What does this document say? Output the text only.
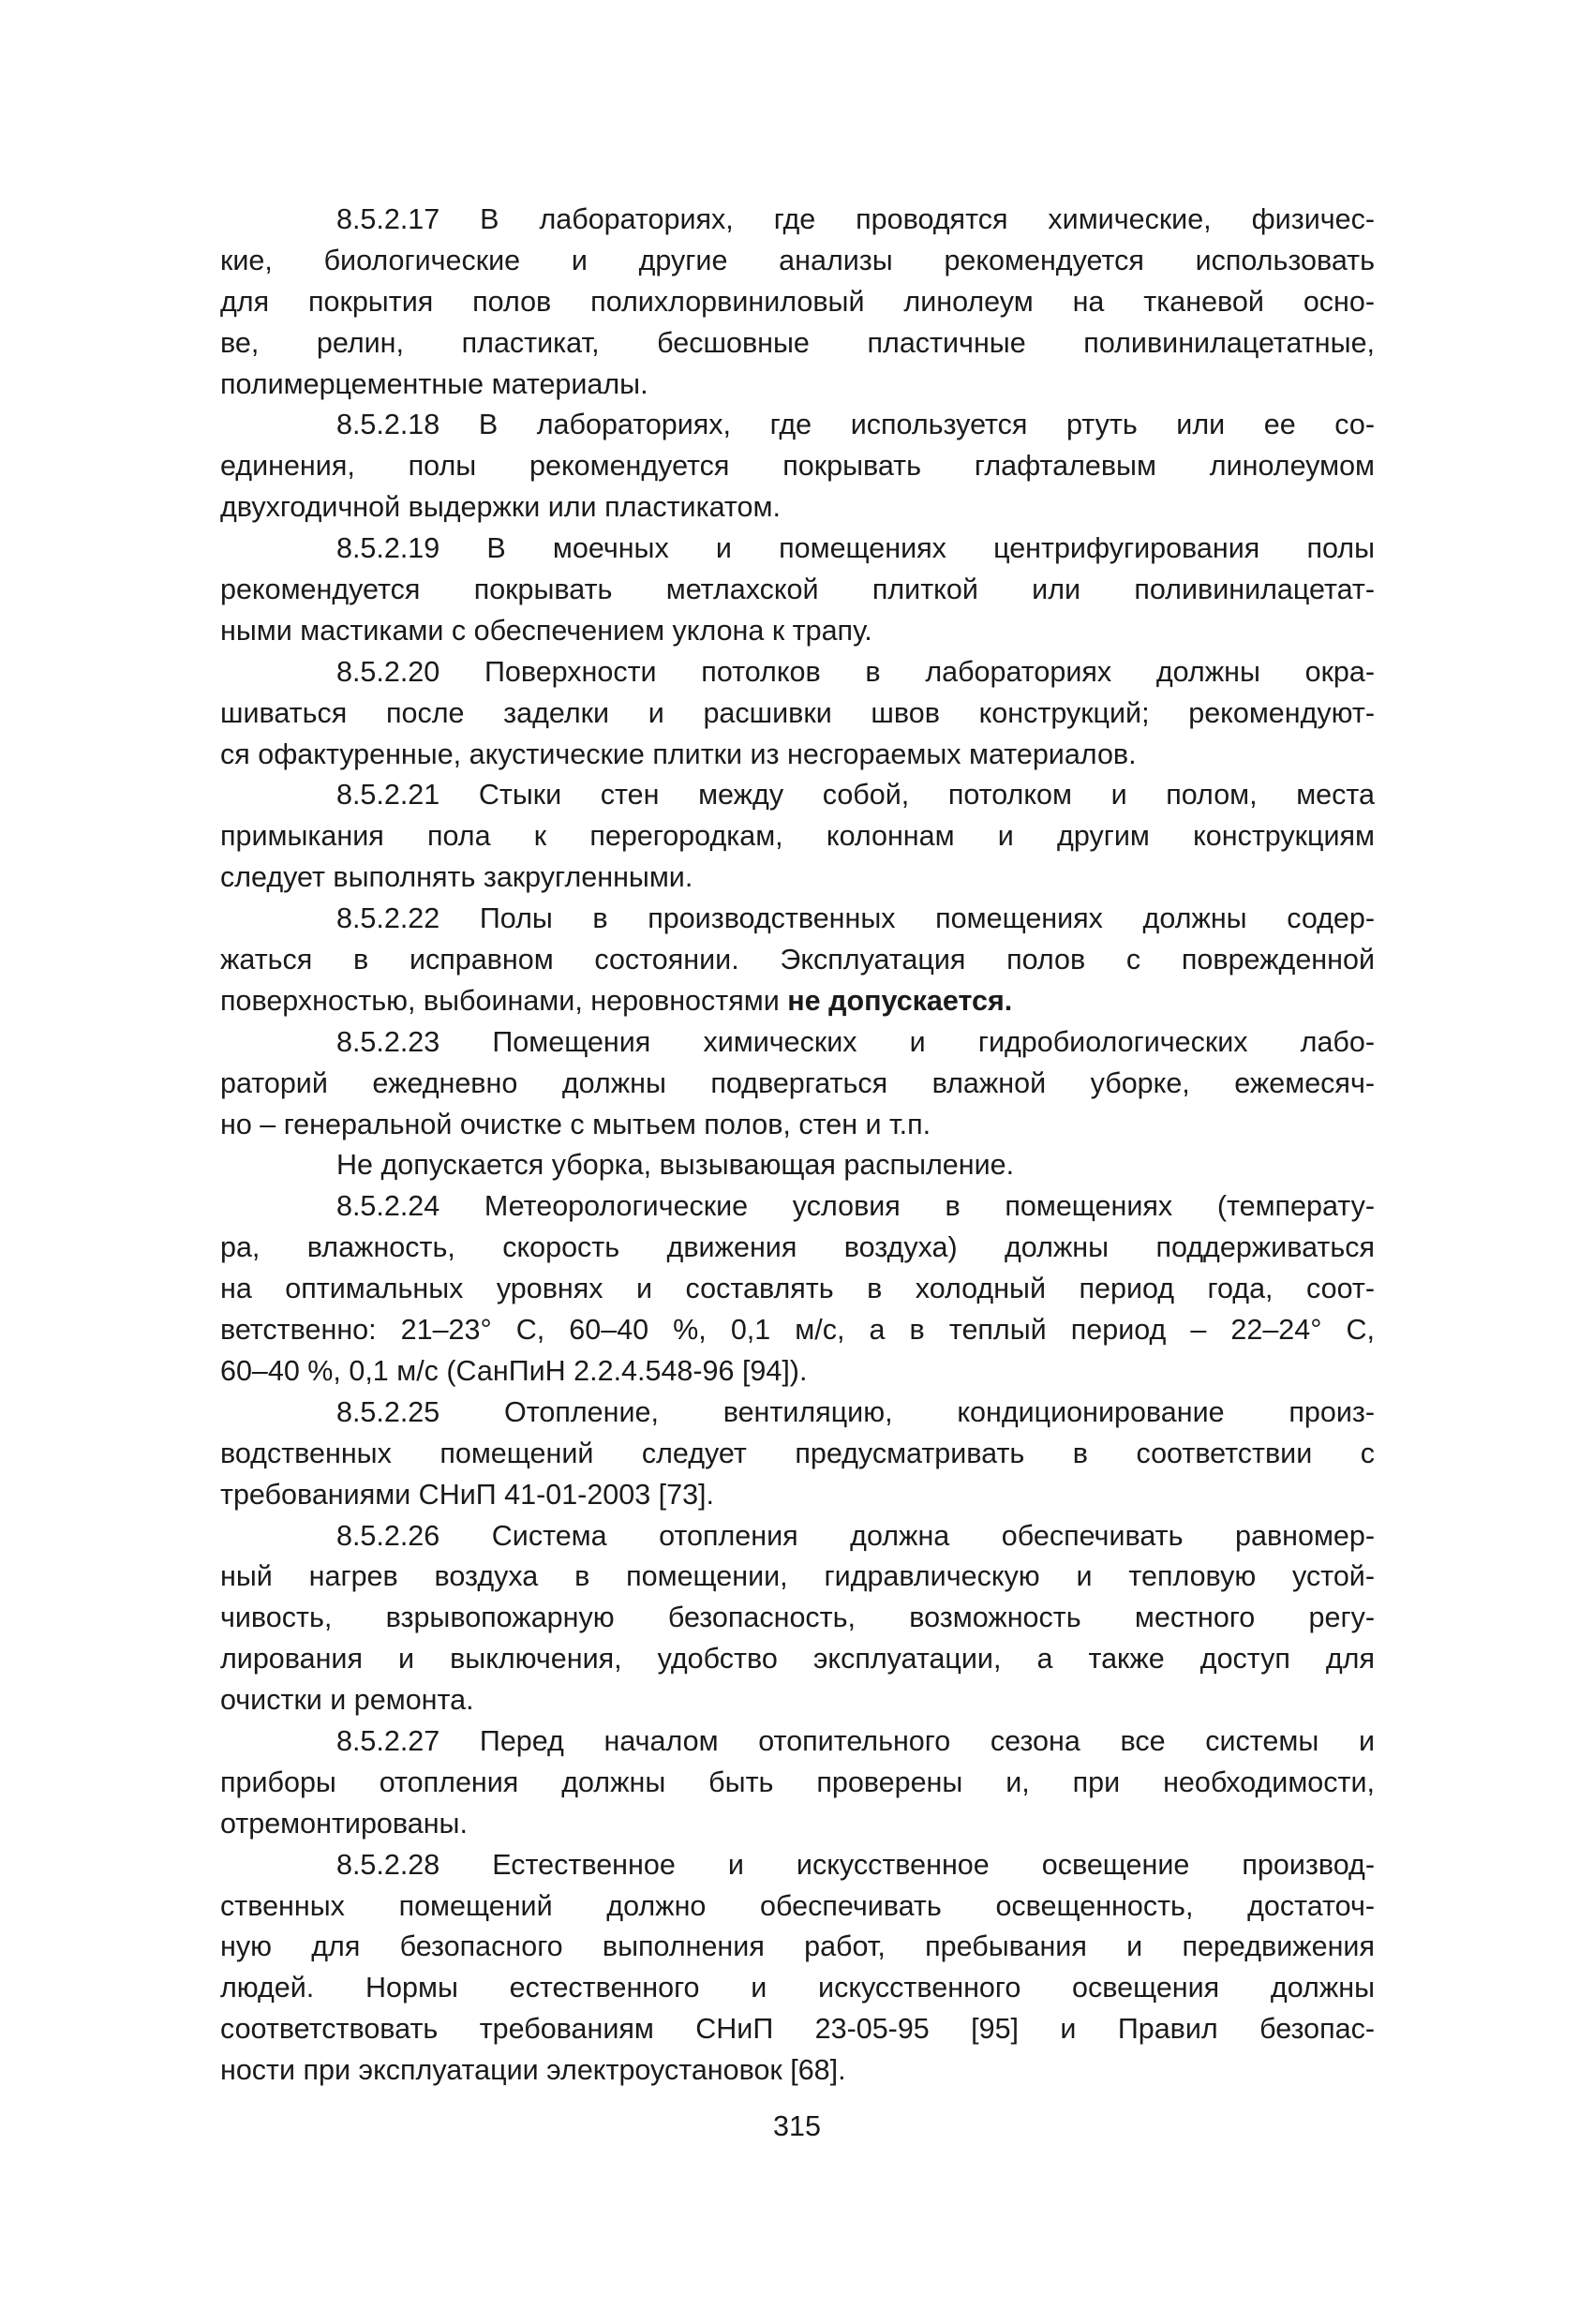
8.5.2.17 В лабораториях, где проводятся химические, физичес-
кие, биологические и другие анализы рекомендуется использовать
для покрытия полов полихлорвиниловый линолеум на тканевой осно-
ве, релин, пластикат, бесшовные пластичные поливинилацетатные,
полимерцементные материалы.
8.5.2.18 В лабораториях, где используется ртуть или ее со-
единения, полы рекомендуется покрывать глафталевым линолеумом
двухгодичной выдержки или пластикатом.
8.5.2.19 В моечных и помещениях центрифугирования полы
рекомендуется покрывать метлахской плиткой или поливинилацетат-
ными мастиками с обеспечением уклона к трапу.
8.5.2.20 Поверхности потолков в лабораториях должны окра-
шиваться после заделки и расшивки швов конструкций; рекомендуют-
ся офактуренные, акустические плитки из несгораемых материалов.
8.5.2.21 Стыки стен между собой, потолком и полом, места
примыкания пола к перегородкам, колоннам и другим конструкциям
следует выполнять закругленными.
8.5.2.22 Полы в производственных помещениях должны содер-
жаться в исправном состоянии. Эксплуатация полов с поврежденной
поверхностью, выбоинами, неровностями не допускается.
8.5.2.23 Помещения химических и гидробиологических лабо-
раторий ежедневно должны подвергаться влажной уборке, ежемесяч-
но – генеральной очистке с мытьем полов, стен и т.п.
Не допускается уборка, вызывающая распыление.
8.5.2.24 Метеорологические условия в помещениях (температу-
ра, влажность, скорость движения воздуха) должны поддерживаться
на оптимальных уровнях и составлять в холодный период года, соот-
ветственно: 21–23° С, 60–40 %, 0,1 м/с, а в теплый период – 22–24° С,
60–40 %, 0,1 м/с (СанПиН 2.2.4.548-96 [94]).
8.5.2.25 Отопление, вентиляцию, кондиционирование произ-
водственных помещений следует предусматривать в соответствии с
требованиями СНиП 41-01-2003 [73].
8.5.2.26 Система отопления должна обеспечивать равномер-
ный нагрев воздуха в помещении, гидравлическую и тепловую устой-
чивость, взрывопожарную безопасность, возможность местного регу-
лирования и выключения, удобство эксплуатации, а также доступ для
очистки и ремонта.
8.5.2.27 Перед началом отопительного сезона все системы и
приборы отопления должны быть проверены и, при необходимости,
отремонтированы.
8.5.2.28 Естественное и искусственное освещение производ-
ственных помещений должно обеспечивать освещенность, достаточ-
ную для безопасного выполнения работ, пребывания и передвижения
людей. Нормы естественного и искусственного освещения должны
соответствовать требованиям СНиП 23-05-95 [95] и Правил безопас-
ности при эксплуатации электроустановок [68].
315
